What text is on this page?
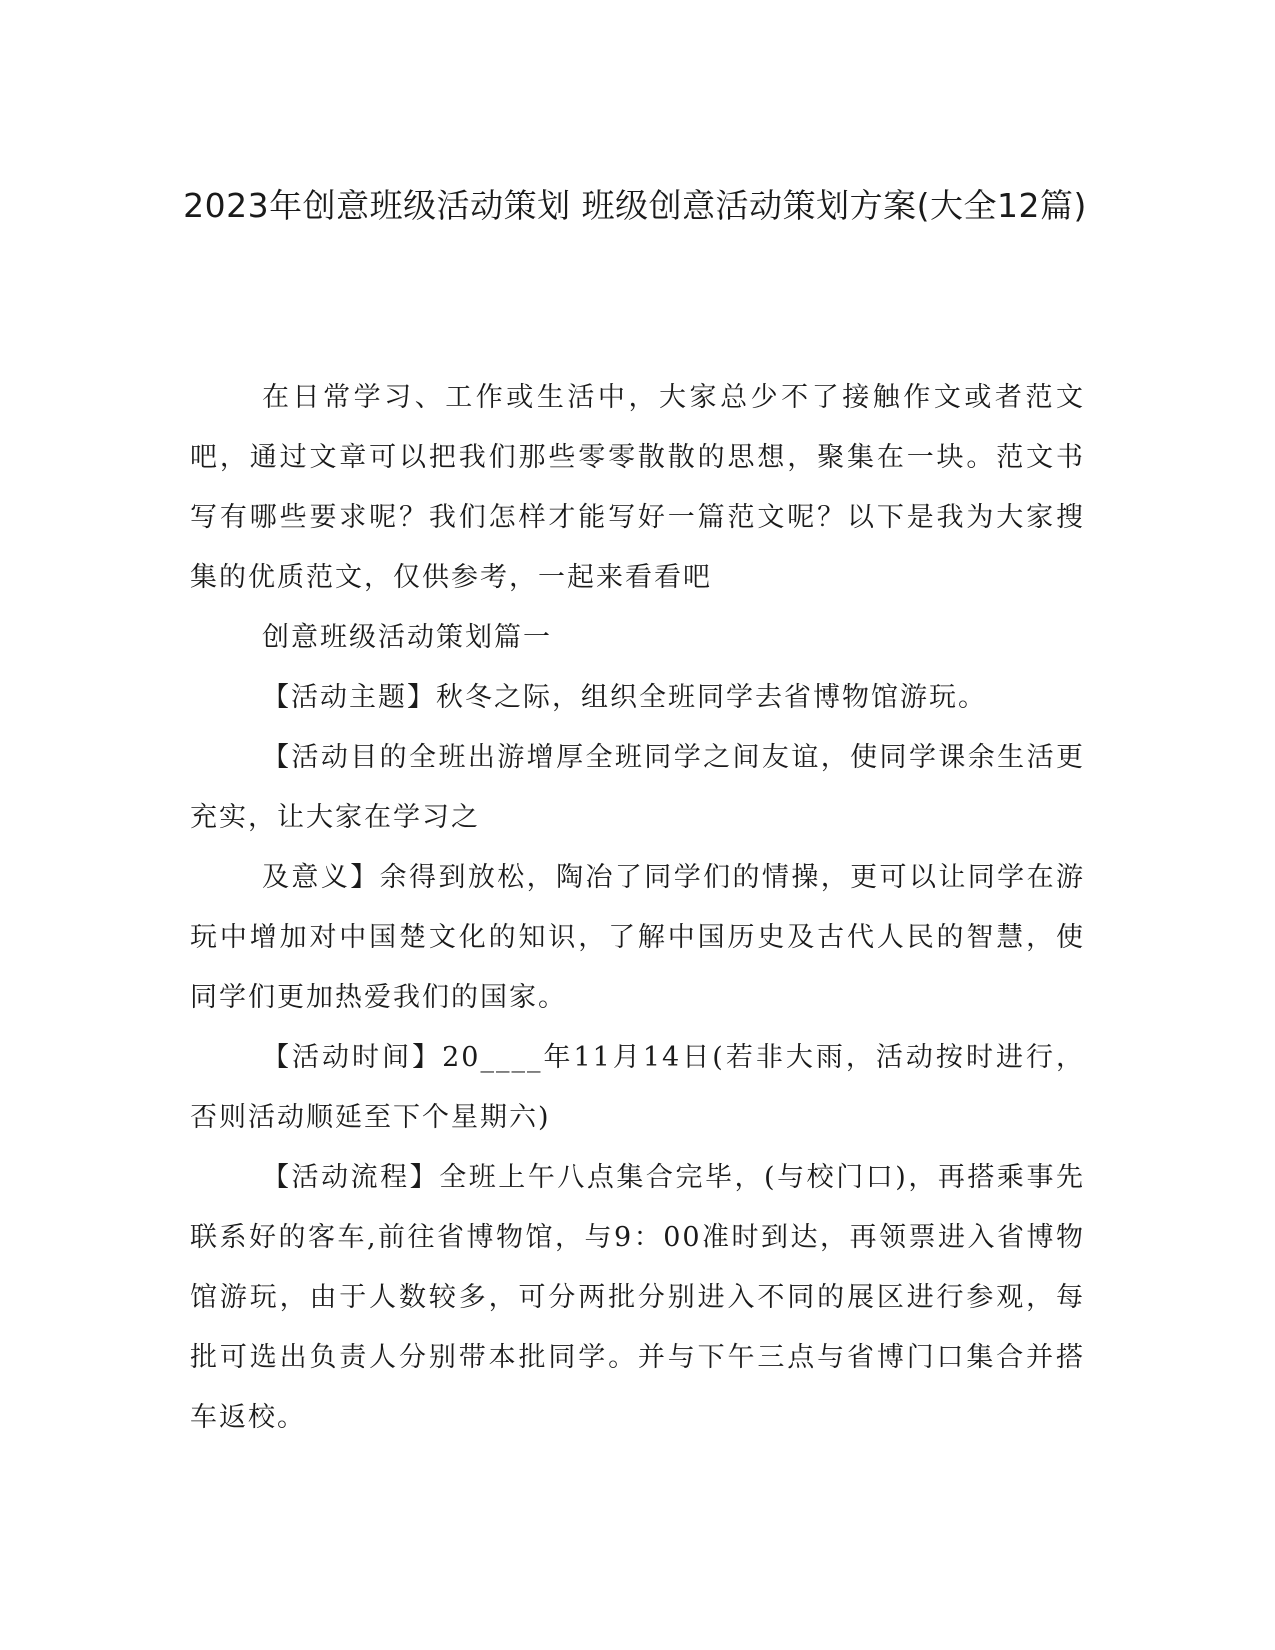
2023年创意班级活动策划 班级创意活动策划方案(大全12篇)

在日常学习、工作或生活中，大家总少不了接触作文或者范文吧，通过文章可以把我们那些零零散散的思想，聚集在一块。范文书写有哪些要求呢？我们怎样才能写好一篇范文呢？以下是我为大家搜集的优质范文，仅供参考，一起来看看吧

创意班级活动策划篇一

【活动主题】秋冬之际，组织全班同学去省博物馆游玩。

【活动目的全班出游增厚全班同学之间友谊，使同学课余生活更充实，让大家在学习之

及意义】余得到放松，陶冶了同学们的情操，更可以让同学在游玩中增加对中国楚文化的知识，了解中国历史及古代人民的智慧，使同学们更加热爱我们的国家。

【活动时间】20____年11月14日(若非大雨，活动按时进行，否则活动顺延至下个星期六)

【活动流程】全班上午八点集合完毕，(与校门口)，再搭乘事先联系好的客车,前往省博物馆，与9：00准时到达，再领票进入省博物馆游玩，由于人数较多，可分两批分别进入不同的展区进行参观，每批可选出负责人分别带本批同学。并与下午三点与省博门口集合并搭车返校。
